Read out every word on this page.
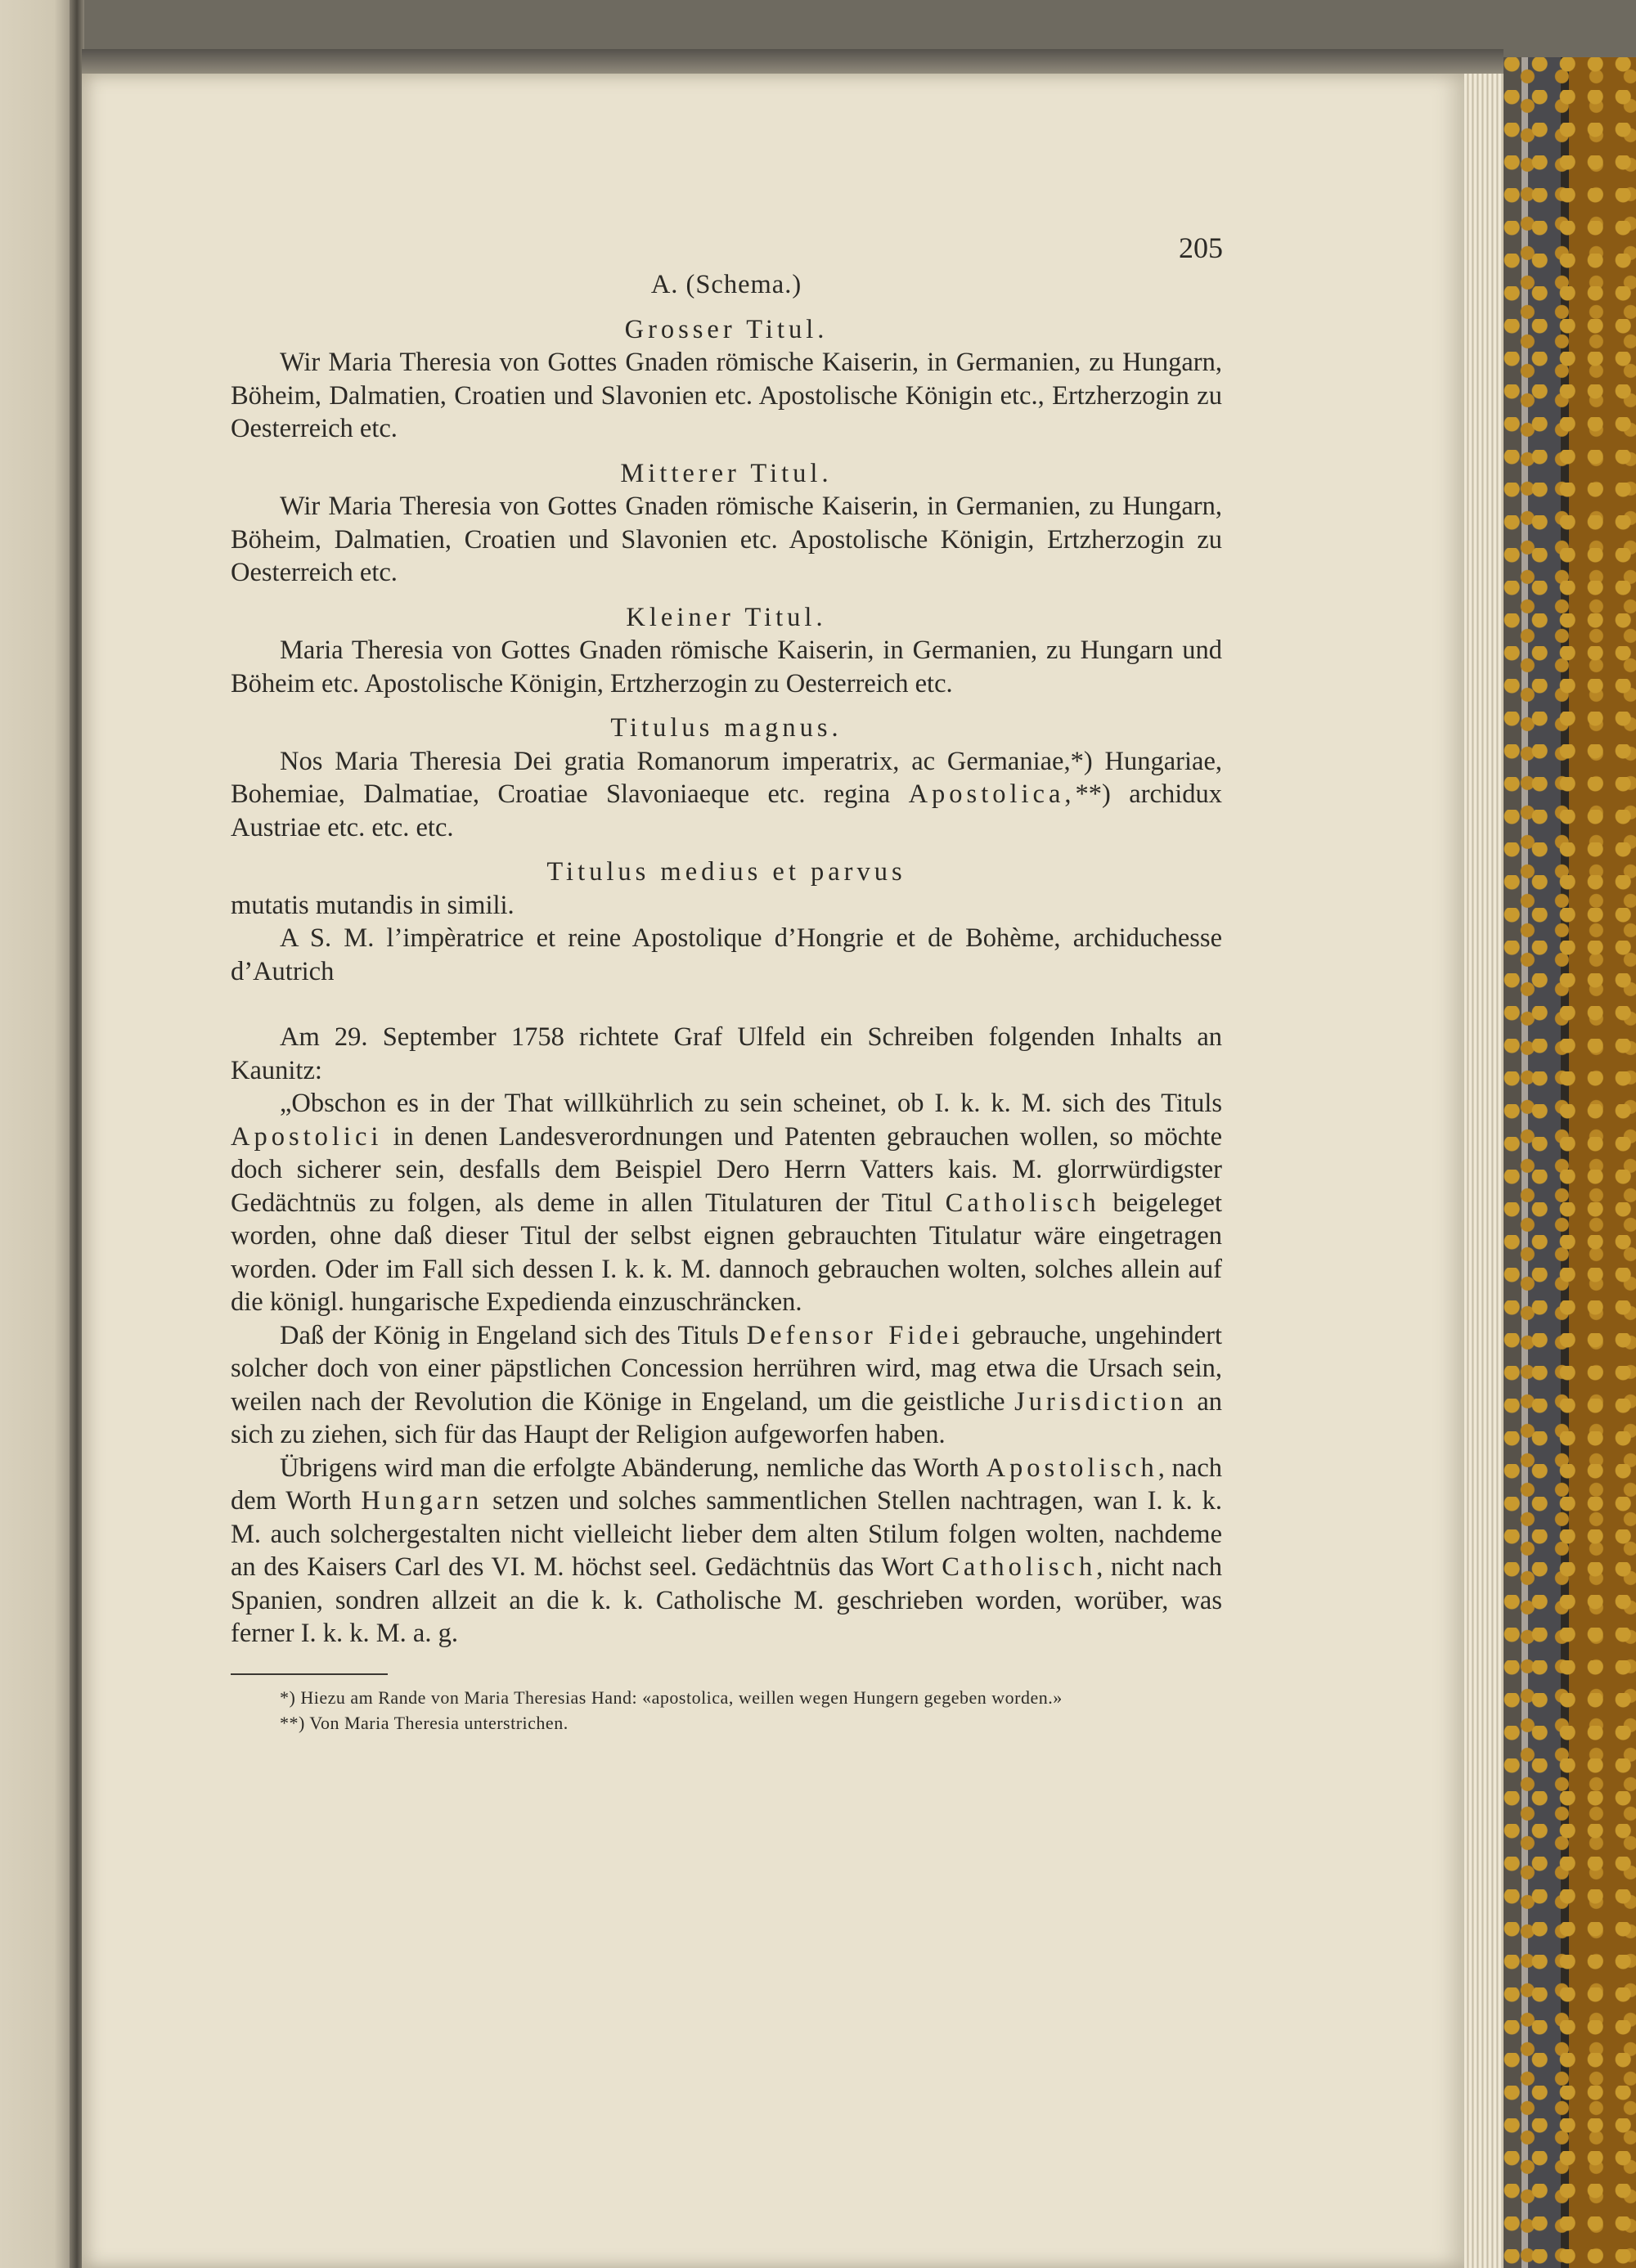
205

A. (Schema.)

Grosser Titul.

Wir Maria Theresia von Gottes Gnaden römische Kaiserin, in Germanien, zu Hungarn, Böheim, Dalmatien, Croatien und Slavonien etc. Apostolische Königin etc., Ertzherzogin zu Oesterreich etc.

Mitterer Titul.

Wir Maria Theresia von Gottes Gnaden römische Kaiserin, in Germanien, zu Hungarn, Böheim, Dalmatien, Croatien und Slavonien etc. Apostolische Königin, Ertzherzogin zu Oesterreich etc.

Kleiner Titul.

Maria Theresia von Gottes Gnaden römische Kaiserin, in Germanien, zu Hungarn und Böheim etc. Apostolische Königin, Ertzherzogin zu Oesterreich etc.

Titulus magnus.

Nos Maria Theresia Dei gratia Romanorum imperatrix, ac Germaniae,*) Hungariae, Bohemiae, Dalmatiae, Croatiae Slavoniaeque etc. regina Apostolica,**) archidux Austriae etc. etc. etc.

Titulus medius et parvus

mutatis mutandis in simili.

A S. M. l’impèratrice et reine Apostolique d’Hongrie et de Bohème, archiduchesse d’Autrich

Am 29. September 1758 richtete Graf Ulfeld ein Schreiben folgenden Inhalts an Kaunitz:

„Obschon es in der That willkührlich zu sein scheinet, ob I. k. k. M. sich des Tituls Apostolici in denen Landesverordnungen und Patenten gebrauchen wollen, so möchte doch sicherer sein, desfalls dem Beispiel Dero Herrn Vatters kais. M. glorrwürdigster Gedächtnüs zu folgen, als deme in allen Titulaturen der Titul Catholisch beigeleget worden, ohne daß dieser Titul der selbst eignen gebrauchten Titulatur wäre eingetragen worden. Oder im Fall sich dessen I. k. k. M. dannoch gebrauchen wolten, solches allein auf die königl. hungarische Expedienda einzuschräncken.

Daß der König in Engeland sich des Tituls Defensor Fidei gebrauche, ungehindert solcher doch von einer päpstlichen Concession herrühren wird, mag etwa die Ursach sein, weilen nach der Revolution die Könige in Engeland, um die geistliche Jurisdiction an sich zu ziehen, sich für das Haupt der Religion aufgeworfen haben.

Übrigens wird man die erfolgte Abänderung, nemliche das Worth Apostolisch, nach dem Worth Hungarn setzen und solches sammentlichen Stellen nachtragen, wan I. k. k. M. auch solchergestalten nicht vielleicht lieber dem alten Stilum folgen wolten, nachdeme an des Kaisers Carl des VI. M. höchst seel. Gedächtnüs das Wort Catholisch, nicht nach Spanien, sondren allzeit an die k. k. Catholische M. geschrieben worden, worüber, was ferner I. k. k. M. a. g.

*) Hiezu am Rande von Maria Theresias Hand: «apostolica, weillen wegen Hungern gegeben worden.»

**) Von Maria Theresia unterstrichen.
